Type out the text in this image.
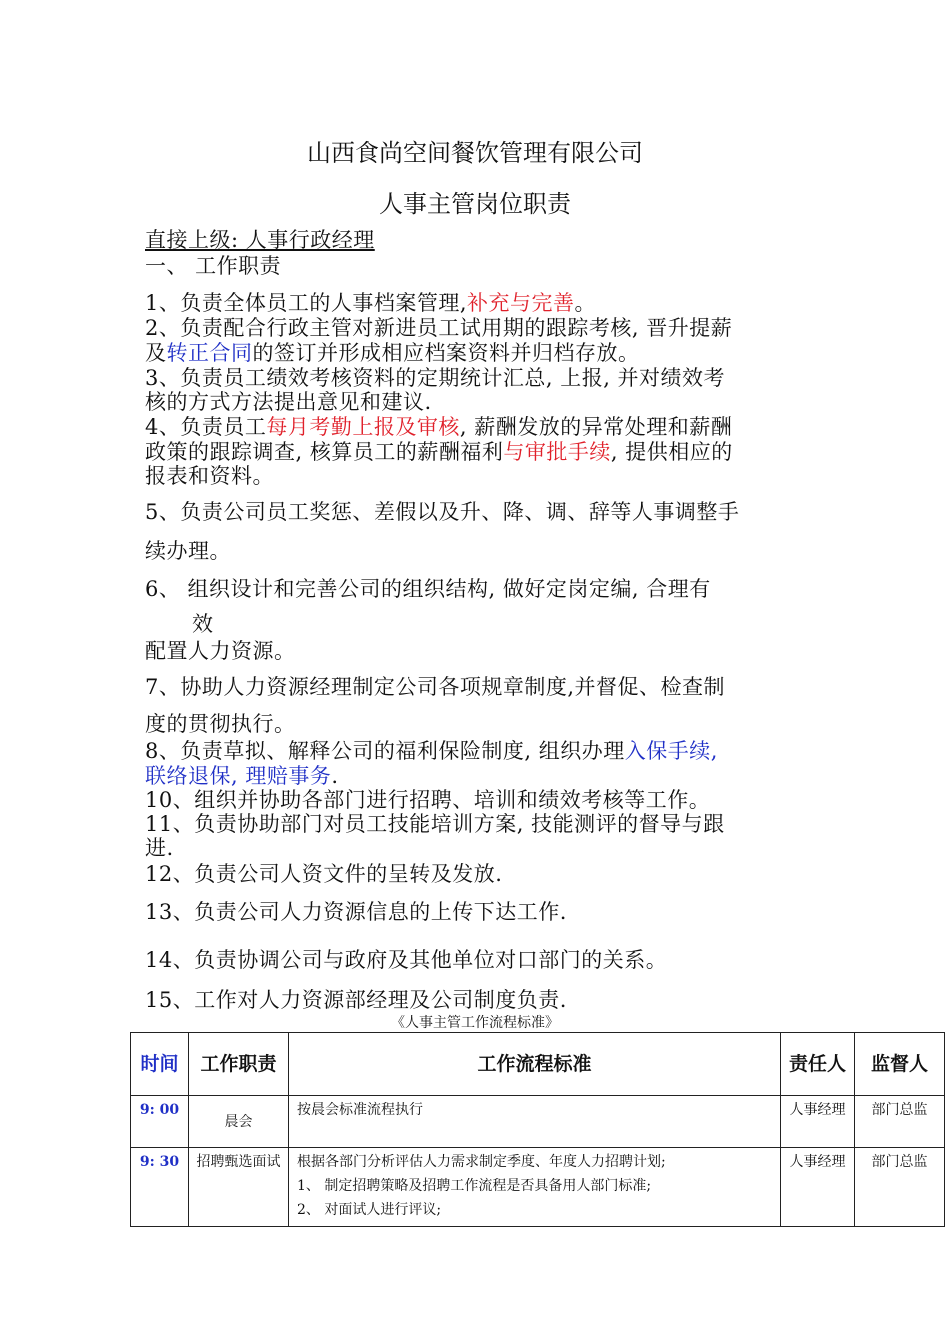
山西食尚空间餐饮管理有限公司
人事主管岗位职责
直接上级: 人事行政经理
一、 工作职责
1、负责全体员工的人事档案管理,补充与完善。
2、负责配合行政主管对新进员工试用期的跟踪考核, 晋升提薪
及转正合同的签订并形成相应档案资料并归档存放。
3、负责员工绩效考核资料的定期统计汇总, 上报, 并对绩效考
核的方式方法提出意见和建议.
4、负责员工每月考勤上报及审核, 薪酬发放的异常处理和薪酬
政策的跟踪调查, 核算员工的薪酬福利与审批手续, 提供相应的
报表和资料。
5、负责公司员工奖惩、差假以及升、降、调、辞等人事调整手
续办理。
6、 组织设计和完善公司的组织结构, 做好定岗定编, 合理有
效
配置人力资源。
7、协助人力资源经理制定公司各项规章制度,并督促、检查制
度的贯彻执行。
8、负责草拟、解释公司的福利保险制度, 组织办理入保手续,
联络退保, 理赔事务.
10、组织并协助各部门进行招聘、培训和绩效考核等工作。
11、负责协助部门对员工技能培训方案, 技能测评的督导与跟
进.
12、负责公司人资文件的呈转及发放.
13、负责公司人力资源信息的上传下达工作.
14、负责协调公司与政府及其他单位对口部门的关系。
15、工作对人力资源部经理及公司制度负责.
《人事主管工作流程标准》
时间	工作职责	工作流程标准	责任人	监督人
9: 00	晨会	按晨会标准流程执行	人事经理	部门总监
9: 30	招聘甄选面试	根据各部门分析评估人力需求制定季度、年度人力招聘计划;
1、 制定招聘策略及招聘工作流程是否具备用人部门标准;
2、 对面试人进行评议;	人事经理	部门总监
